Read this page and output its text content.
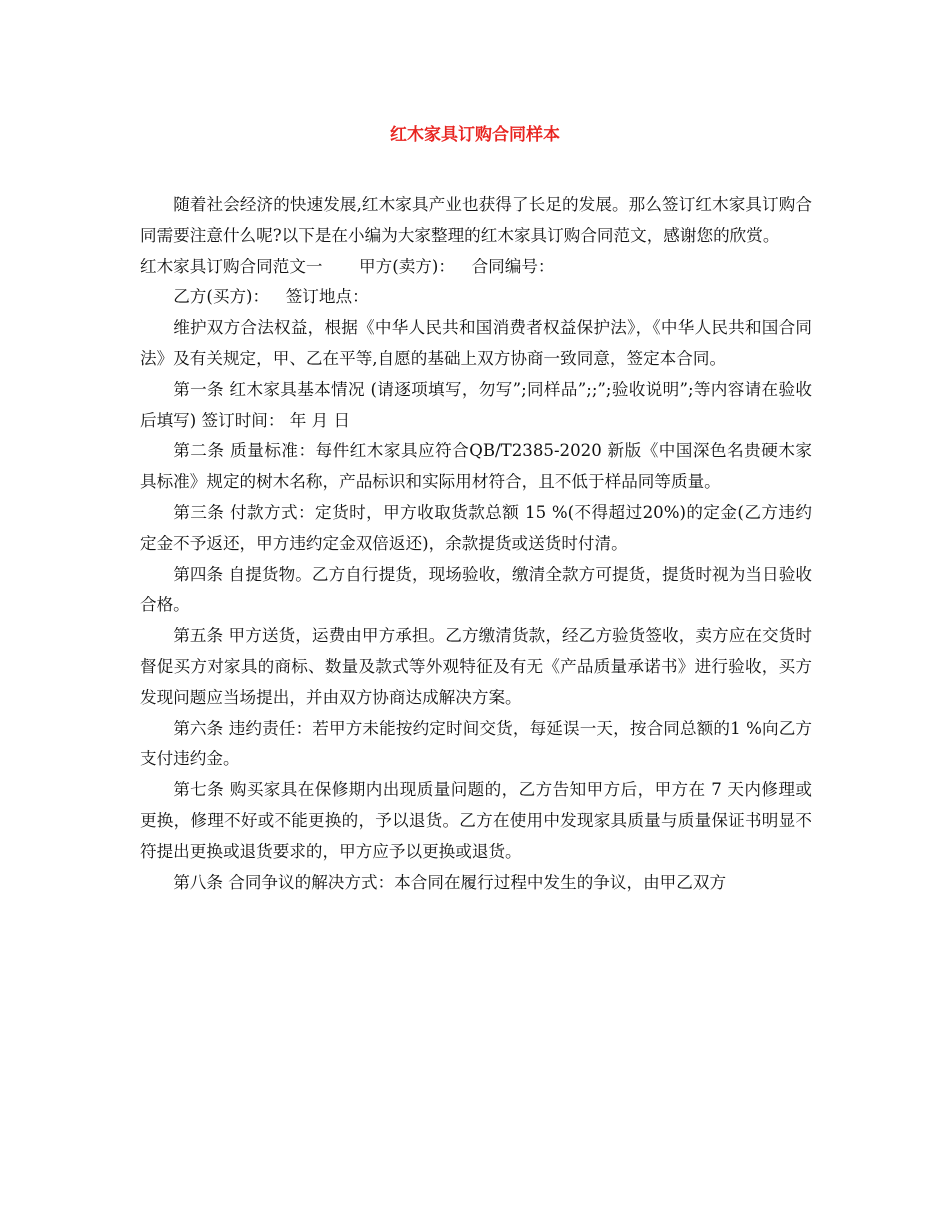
红木家具订购合同样本

随着社会经济的快速发展,红木家具产业也获得了长足的发展。那么签订红木家具订购合同需要注意什么呢?以下是在小编为大家整理的红木家具订购合同范文，感谢您的欣赏。

红木家具订购合同范文一 甲方(卖方)： 合同编号：

乙方(买方)： 签订地点：

维护双方合法权益，根据《中华人民共和国消费者权益保护法》，《中华人民共和国合同法》及有关规定，甲、乙在平等,自愿的基础上双方协商一致同意，签定本合同。

第一条 红木家具基本情况 (请逐项填写，勿写”;同样品”;;”;验收说明”;等内容请在验收后填写) 签订时间： 年 月 日

第二条 质量标准：每件红木家具应符合QB/T2385-2020 新版《中国深色名贵硬木家具标准》规定的树木名称，产品标识和实际用材符合，且不低于样品同等质量。

第三条 付款方式：定货时，甲方收取货款总额 15 %(不得超过20%)的定金(乙方违约定金不予返还，甲方违约定金双倍返还)，余款提货或送货时付清。

第四条 自提货物。乙方自行提货，现场验收，缴清全款方可提货，提货时视为当日验收合格。

第五条 甲方送货，运费由甲方承担。乙方缴清货款，经乙方验货签收，卖方应在交货时督促买方对家具的商标、数量及款式等外观特征及有无《产品质量承诺书》进行验收，买方发现问题应当场提出，并由双方协商达成解决方案。

第六条 违约责任：若甲方未能按约定时间交货，每延误一天，按合同总额的1 %向乙方支付违约金。

第七条 购买家具在保修期内出现质量问题的，乙方告知甲方后，甲方在 7 天内修理或更换，修理不好或不能更换的，予以退货。乙方在使用中发现家具质量与质量保证书明显不符提出更换或退货要求的，甲方应予以更换或退货。

第八条 合同争议的解决方式：本合同在履行过程中发生的争议，由甲乙双方
